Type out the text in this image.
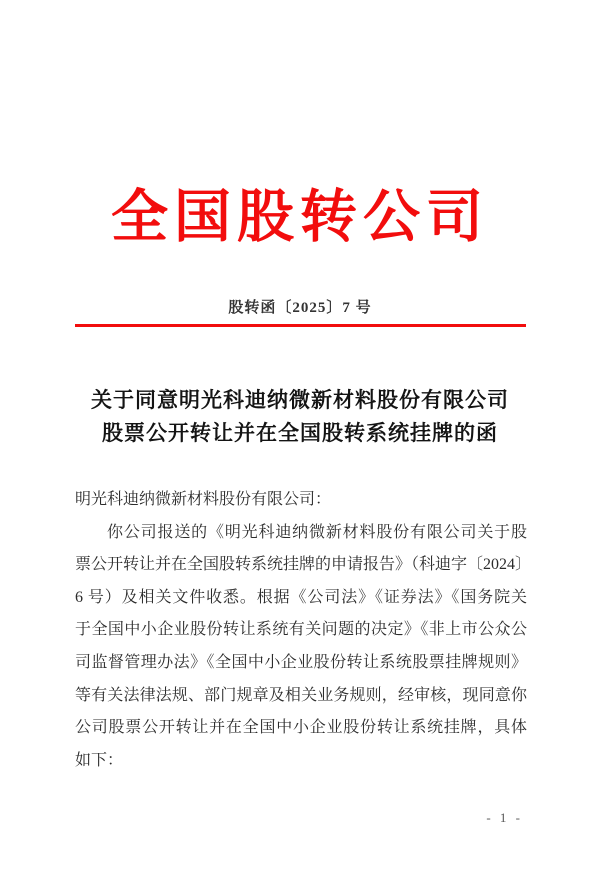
全国股转公司
股转函〔2025〕7 号
关于同意明光科迪纳微新材料股份有限公司
股票公开转让并在全国股转系统挂牌的函
明光科迪纳微新材料股份有限公司：
你公司报送的《明光科迪纳微新材料股份有限公司关于股
票公开转让并在全国股转系统挂牌的申请报告》（科迪字〔2024〕
6 号）及相关文件收悉。根据《公司法》《证券法》《国务院关
于全国中小企业股份转让系统有关问题的决定》《非上市公众公
司监督管理办法》《全国中小企业股份转让系统股票挂牌规则》
等有关法律法规、部门规章及相关业务规则，经审核，现同意你
公司股票公开转让并在全国中小企业股份转让系统挂牌，具体
如下：
- 1 -
